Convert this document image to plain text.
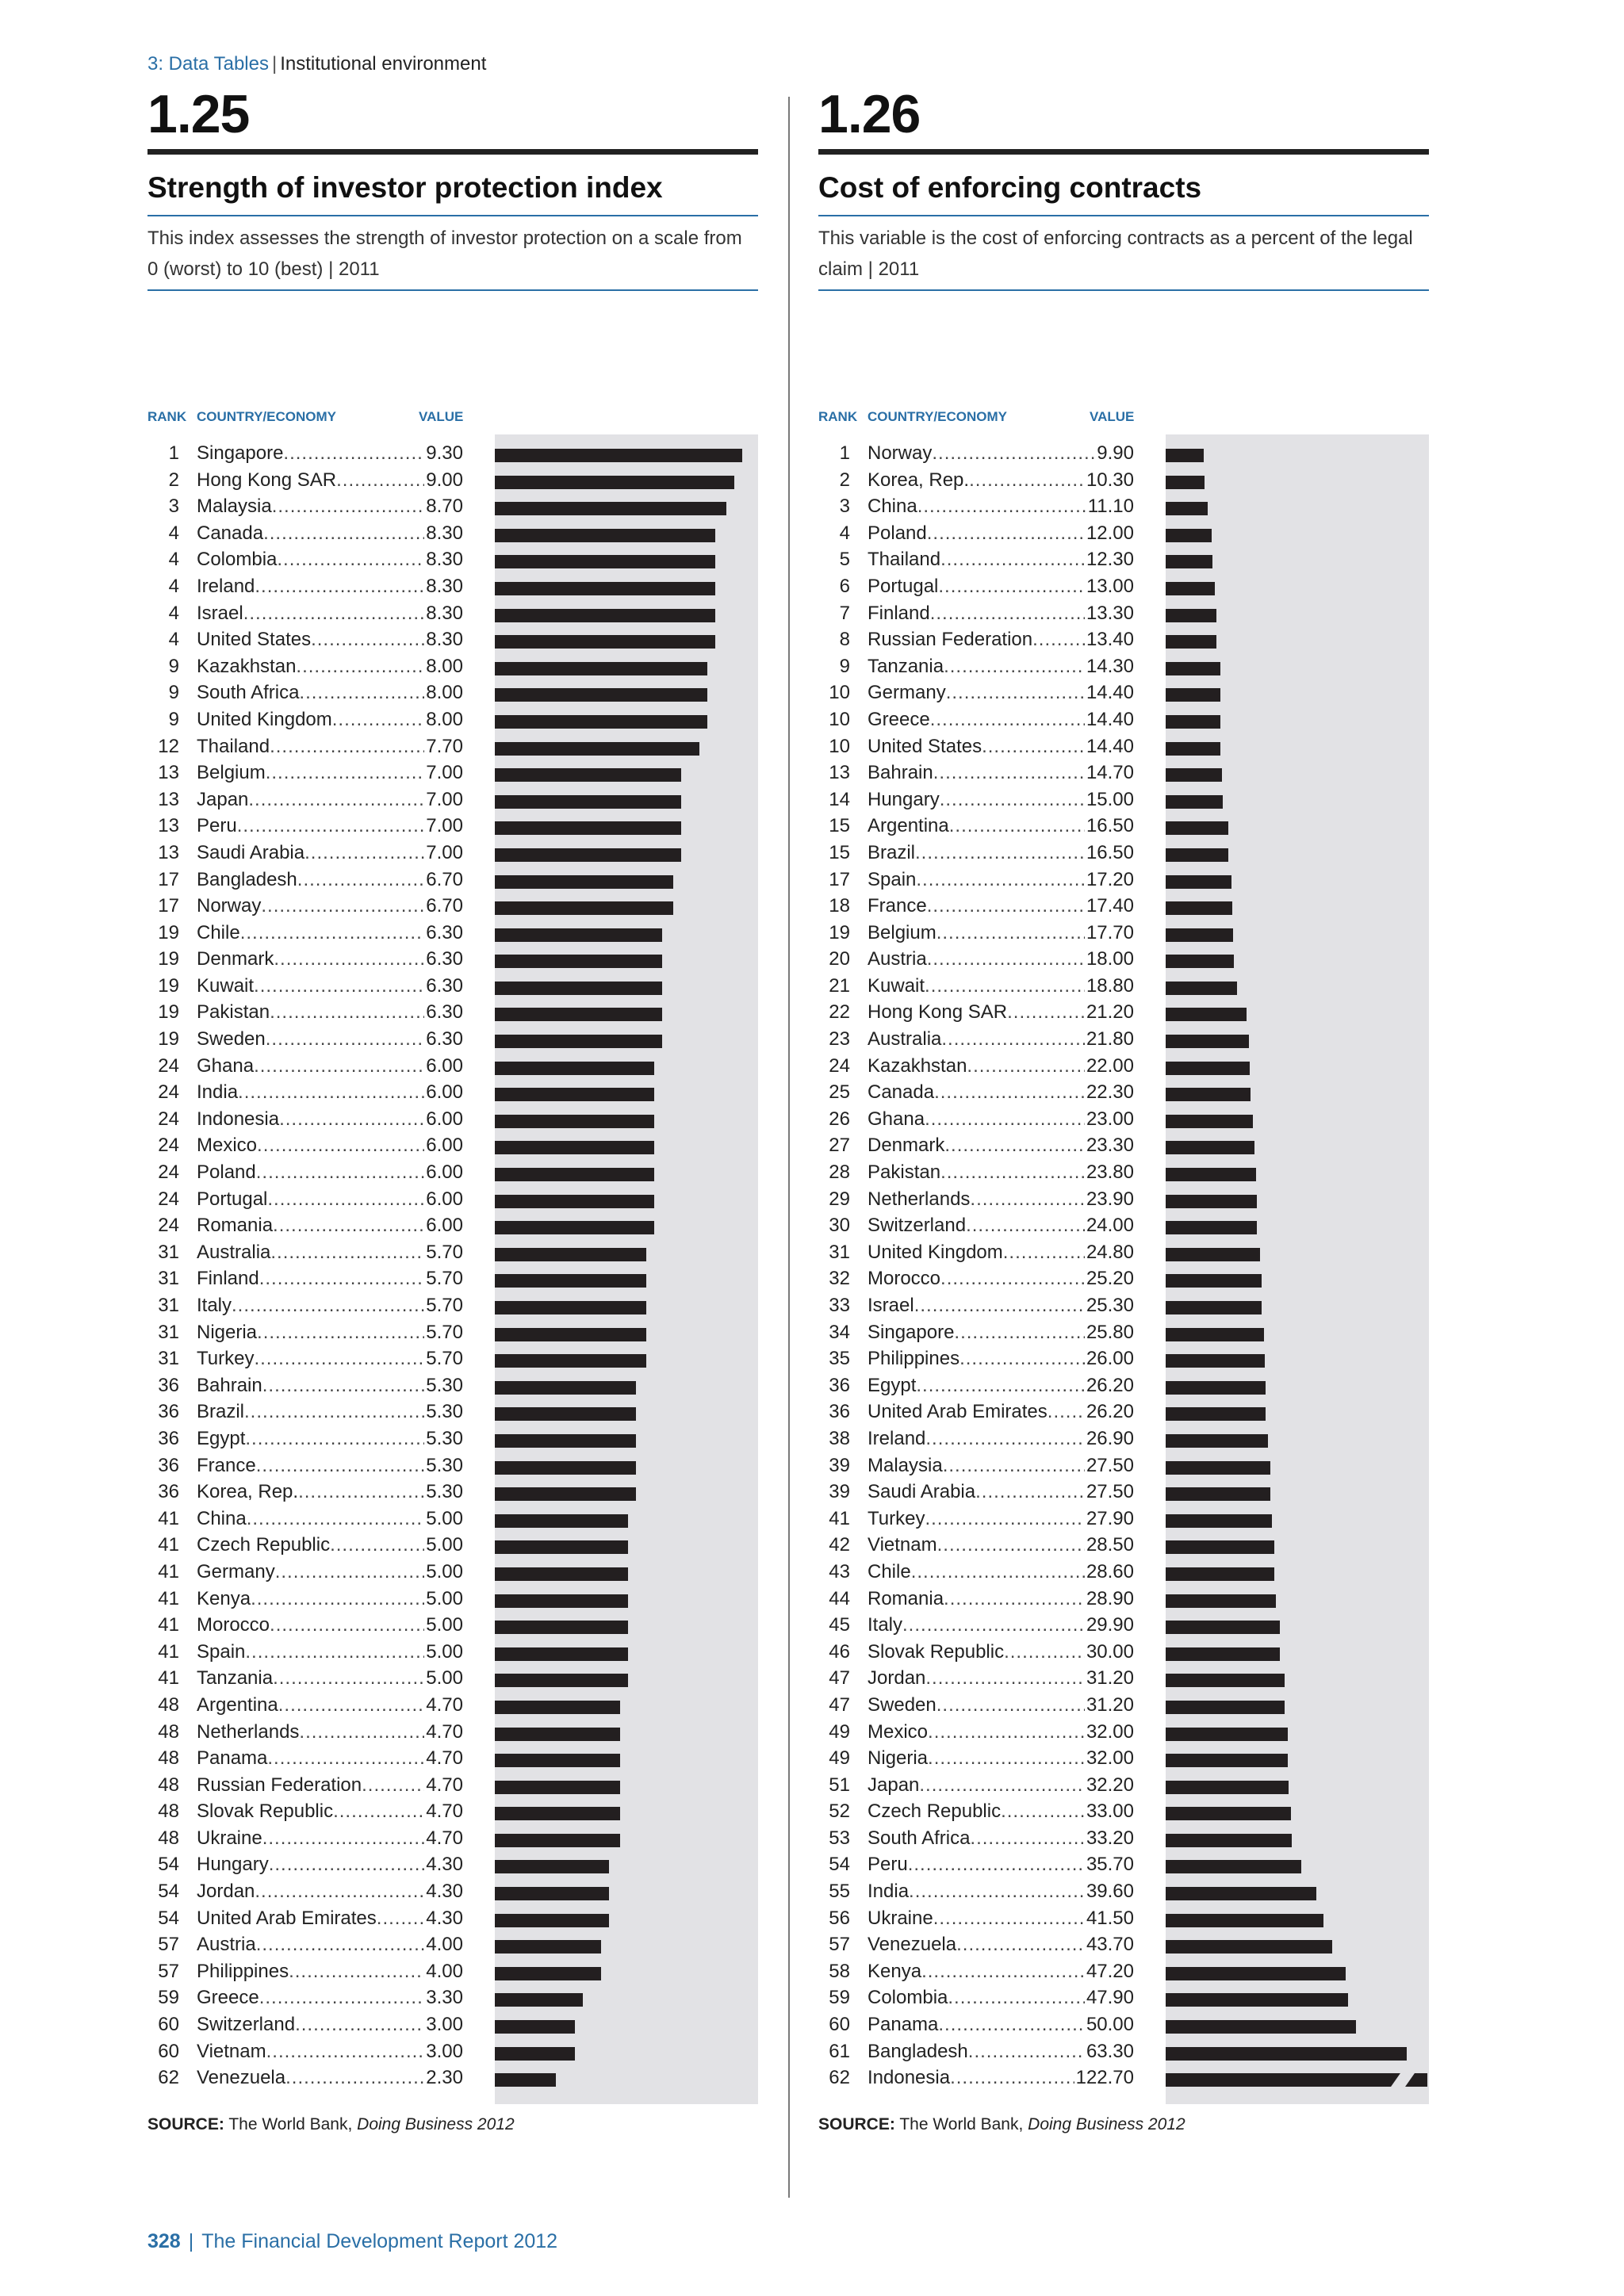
3: Data Tables | Institutional environment
1.25
Strength of investor protection index
This index assesses the strength of investor protection on a scale from 0 (worst) to 10 (best) | 2011
RANK COUNTRY/ECONOMY	VALUE
1 Singapore .....	9.30
2 Hong Kong SAR .....	9.00
3 Malaysia .....	8.70
4 Canada .....	8.30
4 Colombia .....	8.30
4 Ireland .....	8.30
4 Israel .....	8.30
4 United States .....	8.30
9 Kazakhstan .....	8.00
9 South Africa .....	8.00
9 United Kingdom .....	8.00
12 Thailand .....	7.70
13 Belgium .....	7.00
13 Japan .....	7.00
13 Peru .....	7.00
13 Saudi Arabia .....	7.00
17 Bangladesh .....	6.70
17 Norway .....	6.70
19 Chile .....	6.30
19 Denmark .....	6.30
19 Kuwait .....	6.30
19 Pakistan .....	6.30
19 Sweden .....	6.30
24 Ghana .....	6.00
24 India .....	6.00
24 Indonesia .....	6.00
24 Mexico .....	6.00
24 Poland .....	6.00
24 Portugal .....	6.00
24 Romania .....	6.00
31 Australia .....	5.70
31 Finland .....	5.70
31 Italy .....	5.70
31 Nigeria .....	5.70
31 Turkey .....	5.70
36 Bahrain .....	5.30
36 Brazil .....	5.30
36 Egypt .....	5.30
36 France .....	5.30
36 Korea, Rep. .....	5.30
41 China .....	5.00
41 Czech Republic .....	5.00
41 Germany .....	5.00
41 Kenya .....	5.00
41 Morocco .....	5.00
41 Spain .....	5.00
41 Tanzania .....	5.00
48 Argentina .....	4.70
48 Netherlands .....	4.70
48 Panama .....	4.70
48 Russian Federation .....	4.70
48 Slovak Republic .....	4.70
48 Ukraine .....	4.70
54 Hungary .....	4.30
54 Jordan .....	4.30
54 United Arab Emirates .....	4.30
57 Austria .....	4.00
57 Philippines .....	4.00
59 Greece .....	3.30
60 Switzerland .....	3.00
60 Vietnam .....	3.00
62 Venezuela .....	2.30
SOURCE: The World Bank, Doing Business 2012
1.26
Cost of enforcing contracts
This variable is the cost of enforcing contracts as a percent of the legal claim | 2011
RANK COUNTRY/ECONOMY	VALUE
1 Norway .....	9.90
2 Korea, Rep. .....	10.30
3 China .....	11.10
4 Poland .....	12.00
5 Thailand .....	12.30
6 Portugal .....	13.00
7 Finland .....	13.30
8 Russian Federation .....	13.40
9 Tanzania .....	14.30
10 Germany .....	14.40
10 Greece .....	14.40
10 United States .....	14.40
13 Bahrain .....	14.70
14 Hungary .....	15.00
15 Argentina .....	16.50
15 Brazil .....	16.50
17 Spain .....	17.20
18 France .....	17.40
19 Belgium .....	17.70
20 Austria .....	18.00
21 Kuwait .....	18.80
22 Hong Kong SAR .....	21.20
23 Australia .....	21.80
24 Kazakhstan .....	22.00
25 Canada .....	22.30
26 Ghana .....	23.00
27 Denmark .....	23.30
28 Pakistan .....	23.80
29 Netherlands .....	23.90
30 Switzerland .....	24.00
31 United Kingdom .....	24.80
32 Morocco .....	25.20
33 Israel .....	25.30
34 Singapore .....	25.80
35 Philippines .....	26.00
36 Egypt .....	26.20
36 United Arab Emirates .....	26.20
38 Ireland .....	26.90
39 Malaysia .....	27.50
39 Saudi Arabia .....	27.50
41 Turkey .....	27.90
42 Vietnam .....	28.50
43 Chile .....	28.60
44 Romania .....	28.90
45 Italy .....	29.90
46 Slovak Republic .....	30.00
47 Jordan .....	31.20
47 Sweden .....	31.20
49 Mexico .....	32.00
49 Nigeria .....	32.00
51 Japan .....	32.20
52 Czech Republic .....	33.00
53 South Africa .....	33.20
54 Peru .....	35.70
55 India .....	39.60
56 Ukraine .....	41.50
57 Venezuela .....	43.70
58 Kenya .....	47.20
59 Colombia .....	47.90
60 Panama .....	50.00
61 Bangladesh .....	63.30
62 Indonesia .....	122.70
SOURCE: The World Bank, Doing Business 2012
328 | The Financial Development Report 2012
